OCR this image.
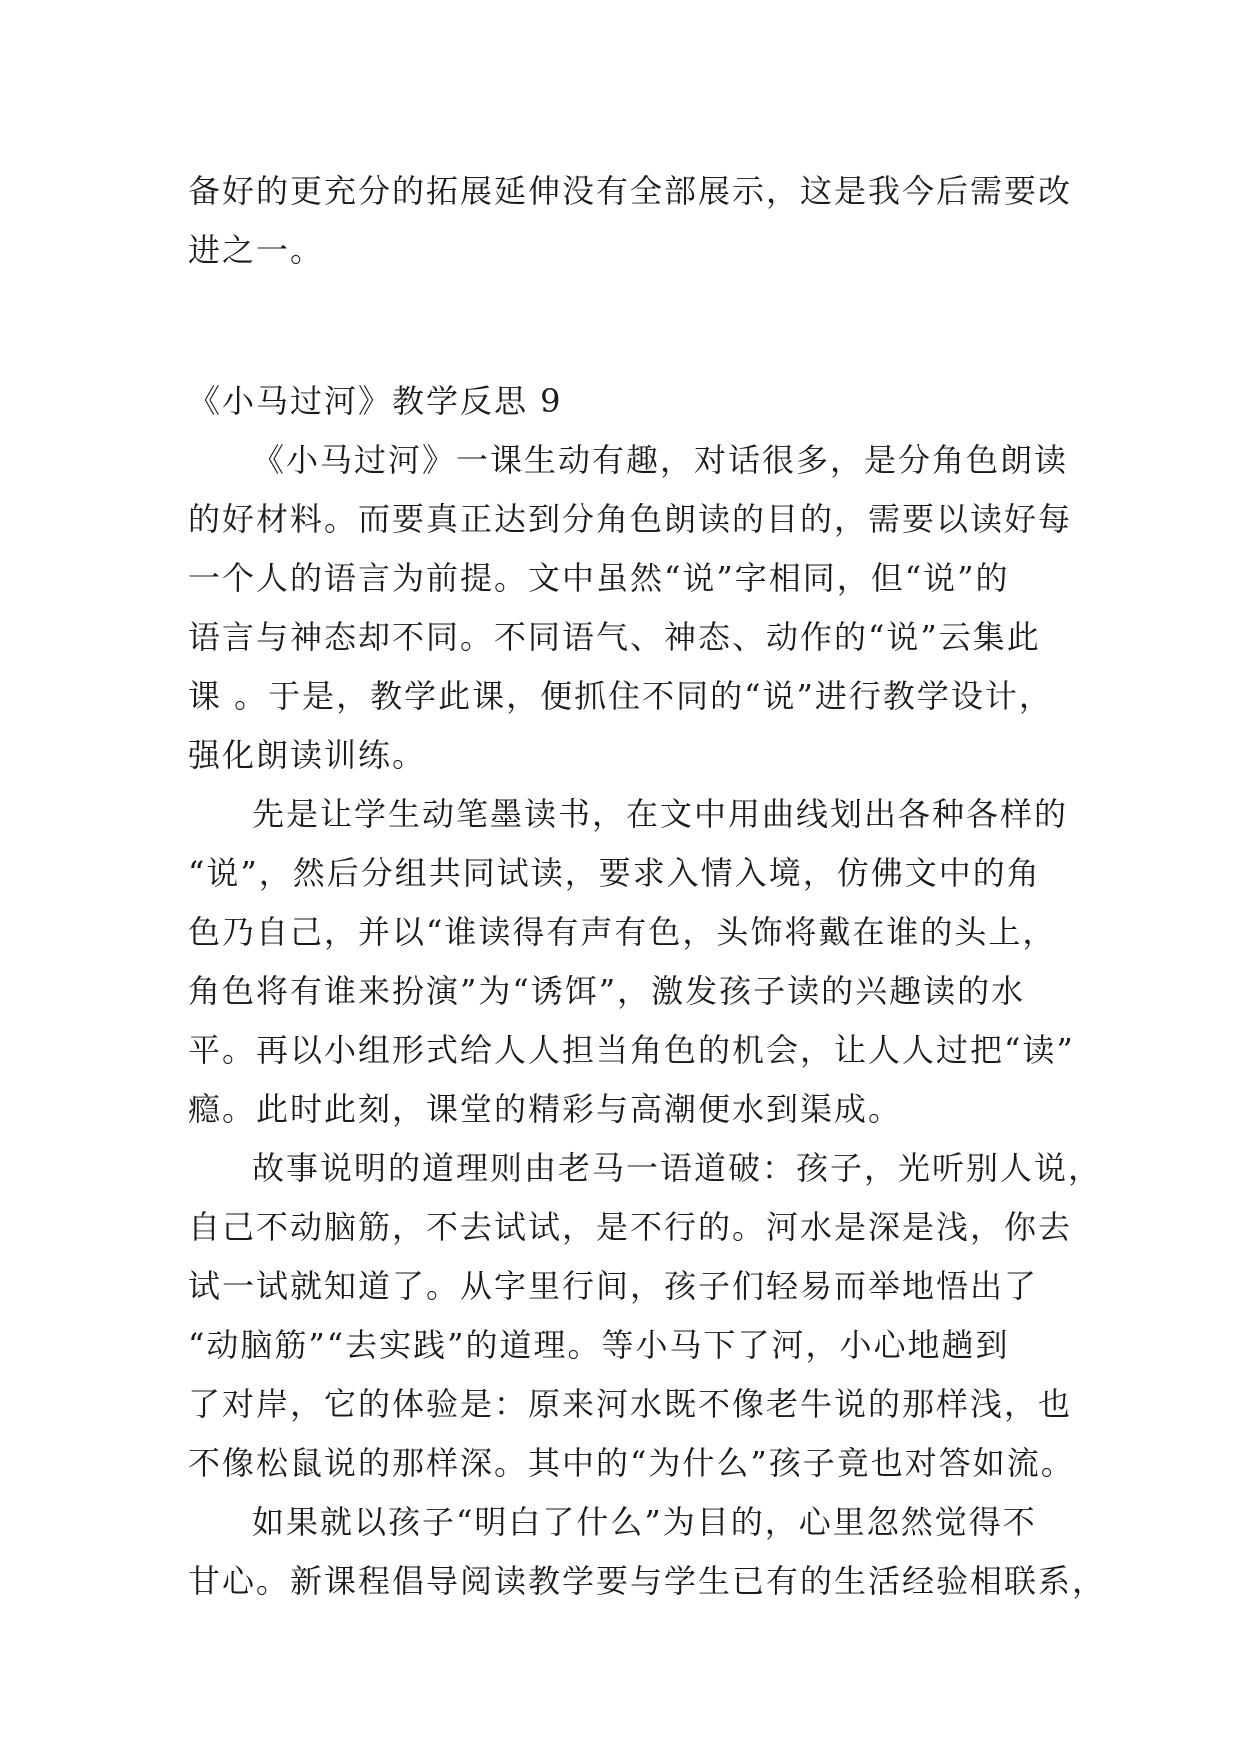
备好的更充分的拓展延伸没有全部展示，这是我今后需要改
进之一。
《小马过河》教学反思 9
《小马过河》一课生动有趣，对话很多，是分角色朗读
的好材料。而要真正达到分角色朗读的目的，需要以读好每
一个人的语言为前提。文中虽然“说”字相同，但“说”的
语言与神态却不同。不同语气、神态、动作的“说”云集此
课 。于是，教学此课，便抓住不同的“说”进行教学设计，
强化朗读训练。
先是让学生动笔墨读书，在文中用曲线划出各种各样的
“说”，然后分组共同试读，要求入情入境，仿佛文中的角
色乃自己，并以“谁读得有声有色，头饰将戴在谁的头上，
角色将有谁来扮演”为“诱饵”，激发孩子读的兴趣读的水
平。再以小组形式给人人担当角色的机会，让人人过把“读”
瘾。此时此刻，课堂的精彩与高潮便水到渠成。
故事说明的道理则由老马一语道破：孩子，光听别人说，
自己不动脑筋，不去试试，是不行的。河水是深是浅，你去
试一试就知道了。从字里行间，孩子们轻易而举地悟出了
“动脑筋”“去实践”的道理。等小马下了河，小心地趟到
了对岸，它的体验是：原来河水既不像老牛说的那样浅，也
不像松鼠说的那样深。其中的“为什么”孩子竟也对答如流。
如果就以孩子“明白了什么”为目的，心里忽然觉得不
甘心。新课程倡导阅读教学要与学生已有的生活经验相联系，
